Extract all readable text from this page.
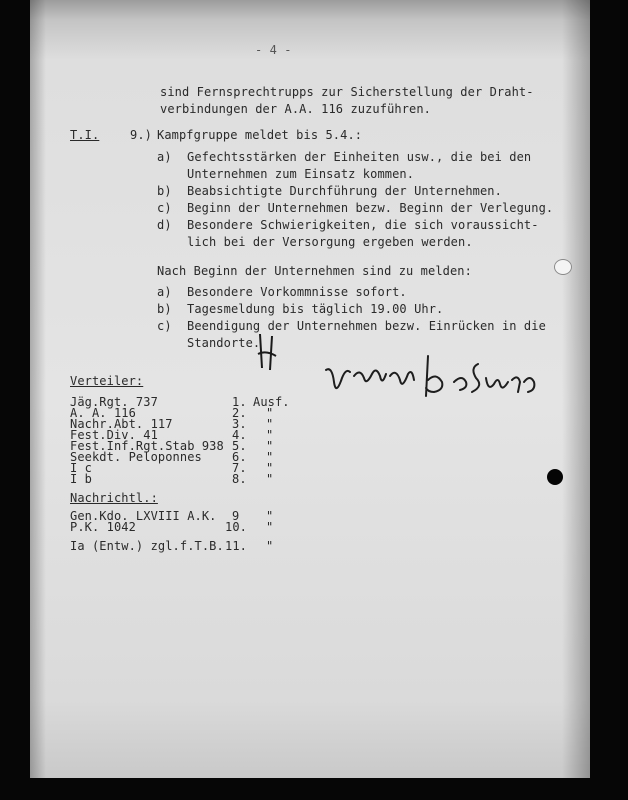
- 4 -

sind Fernsprechtrupps zur Sicherstellung der Draht-

verbindungen der A.A. 116 zuzuführen.

T.I.	9.) Kampfgruppe meldet bis 5.4.:

a) Gefechtsstärken der Einheiten usw., die bei den

Unternehmen zum Einsatz kommen.

b) Beabsichtigte Durchführung der Unternehmen.

c) Beginn der Unternehmen bezw. Beginn der Verlegung.

d) Besondere Schwierigkeiten, die sich voraussicht-

lich bei der Versorgung ergeben werden.

Nach Beginn der Unternehmen sind zu melden:

a) Besondere Vorkommnisse sofort.

b) Tagesmeldung bis täglich 19.00 Uhr.

c) Beendigung der Unternehmen bezw. Einrücken in die

Standorte.

Verteiler:

Jäg.Rgt. 737	1. Ausf.

A. A. 116	2. "

Nachr.Abt. 117	3. "

Fest.Div. 41	4. "

Fest.Inf.Rgt.Stab 938 5. "

Seekdt. Peloponnes	6. "

I c	7. "

I b	8. "

Nachrichtl.:

Gen.Kdo. LXVIII A.K. 9 "

P.K. 1042	10. "

Ia (Entw.) zgl.f.T.B. 11. "
